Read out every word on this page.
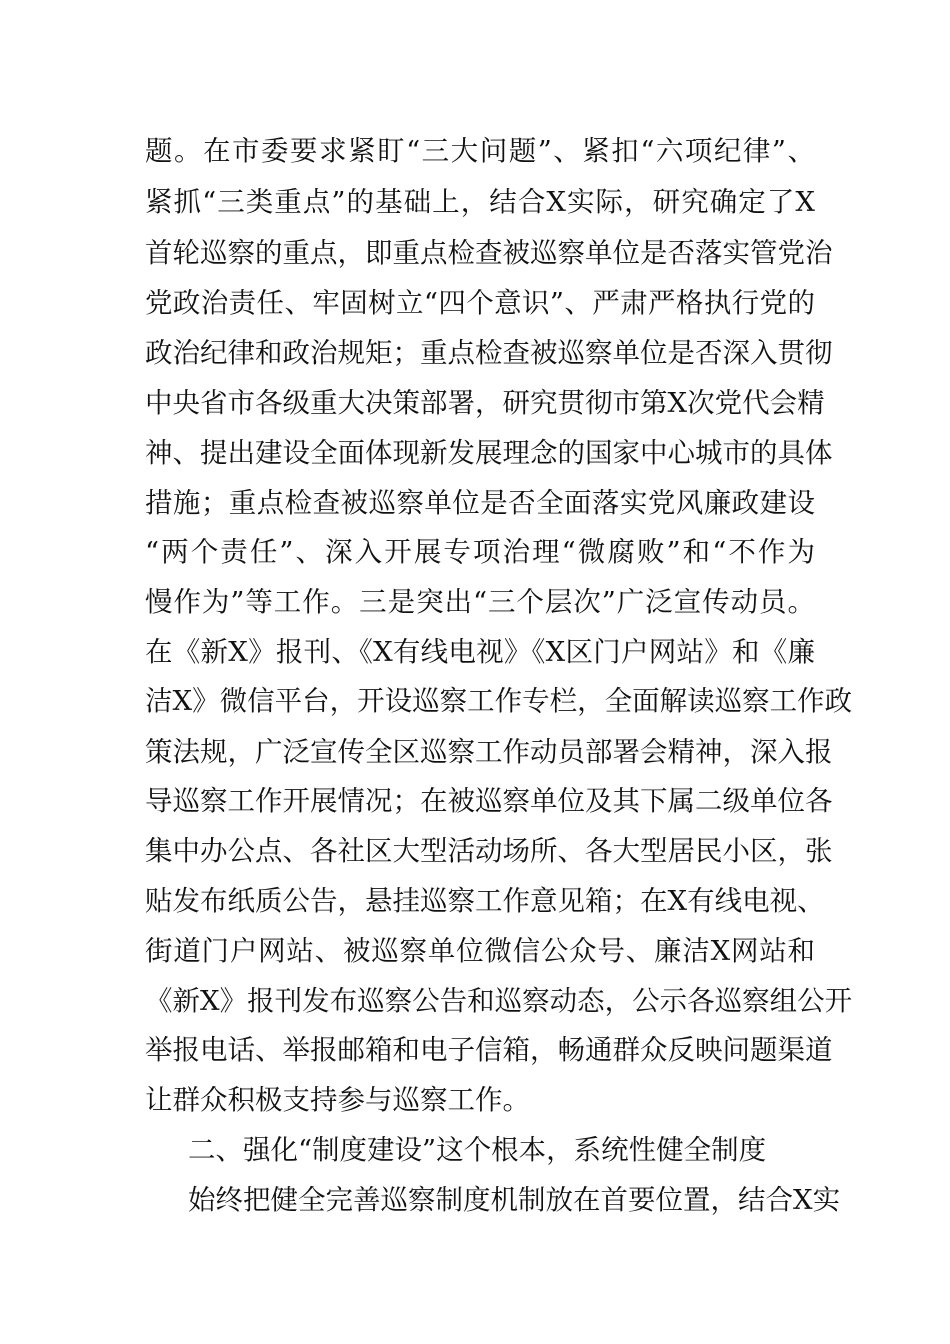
题。在市委要求紧盯“三大问题”、紧扣“六项纪律”、
紧抓“三类重点”的基础上，结合X实际，研究确定了X
首轮巡察的重点，即重点检查被巡察单位是否落实管党治
党政治责任、牢固树立“四个意识”、严肃严格执行党的
政治纪律和政治规矩；重点检查被巡察单位是否深入贯彻
中央省市各级重大决策部署，研究贯彻市第X次党代会精
神、提出建设全面体现新发展理念的国家中心城市的具体
措施；重点检查被巡察单位是否全面落实党风廉政建设
“两个责任”、深入开展专项治理“微腐败”和“不作为
慢作为”等工作。三是突出“三个层次”广泛宣传动员。
在《新X》报刊、《X有线电视》《X区门户网站》和《廉
洁X》微信平台，开设巡察工作专栏，全面解读巡察工作政
策法规，广泛宣传全区巡察工作动员部署会精神，深入报
导巡察工作开展情况；在被巡察单位及其下属二级单位各
集中办公点、各社区大型活动场所、各大型居民小区，张
贴发布纸质公告，悬挂巡察工作意见箱；在X有线电视、
街道门户网站、被巡察单位微信公众号、廉洁X网站和
《新X》报刊发布巡察公告和巡察动态，公示各巡察组公开
举报电话、举报邮箱和电子信箱，畅通群众反映问题渠道
让群众积极支持参与巡察工作。
二、强化“制度建设”这个根本，系统性健全制度
始终把健全完善巡察制度机制放在首要位置，结合X实
